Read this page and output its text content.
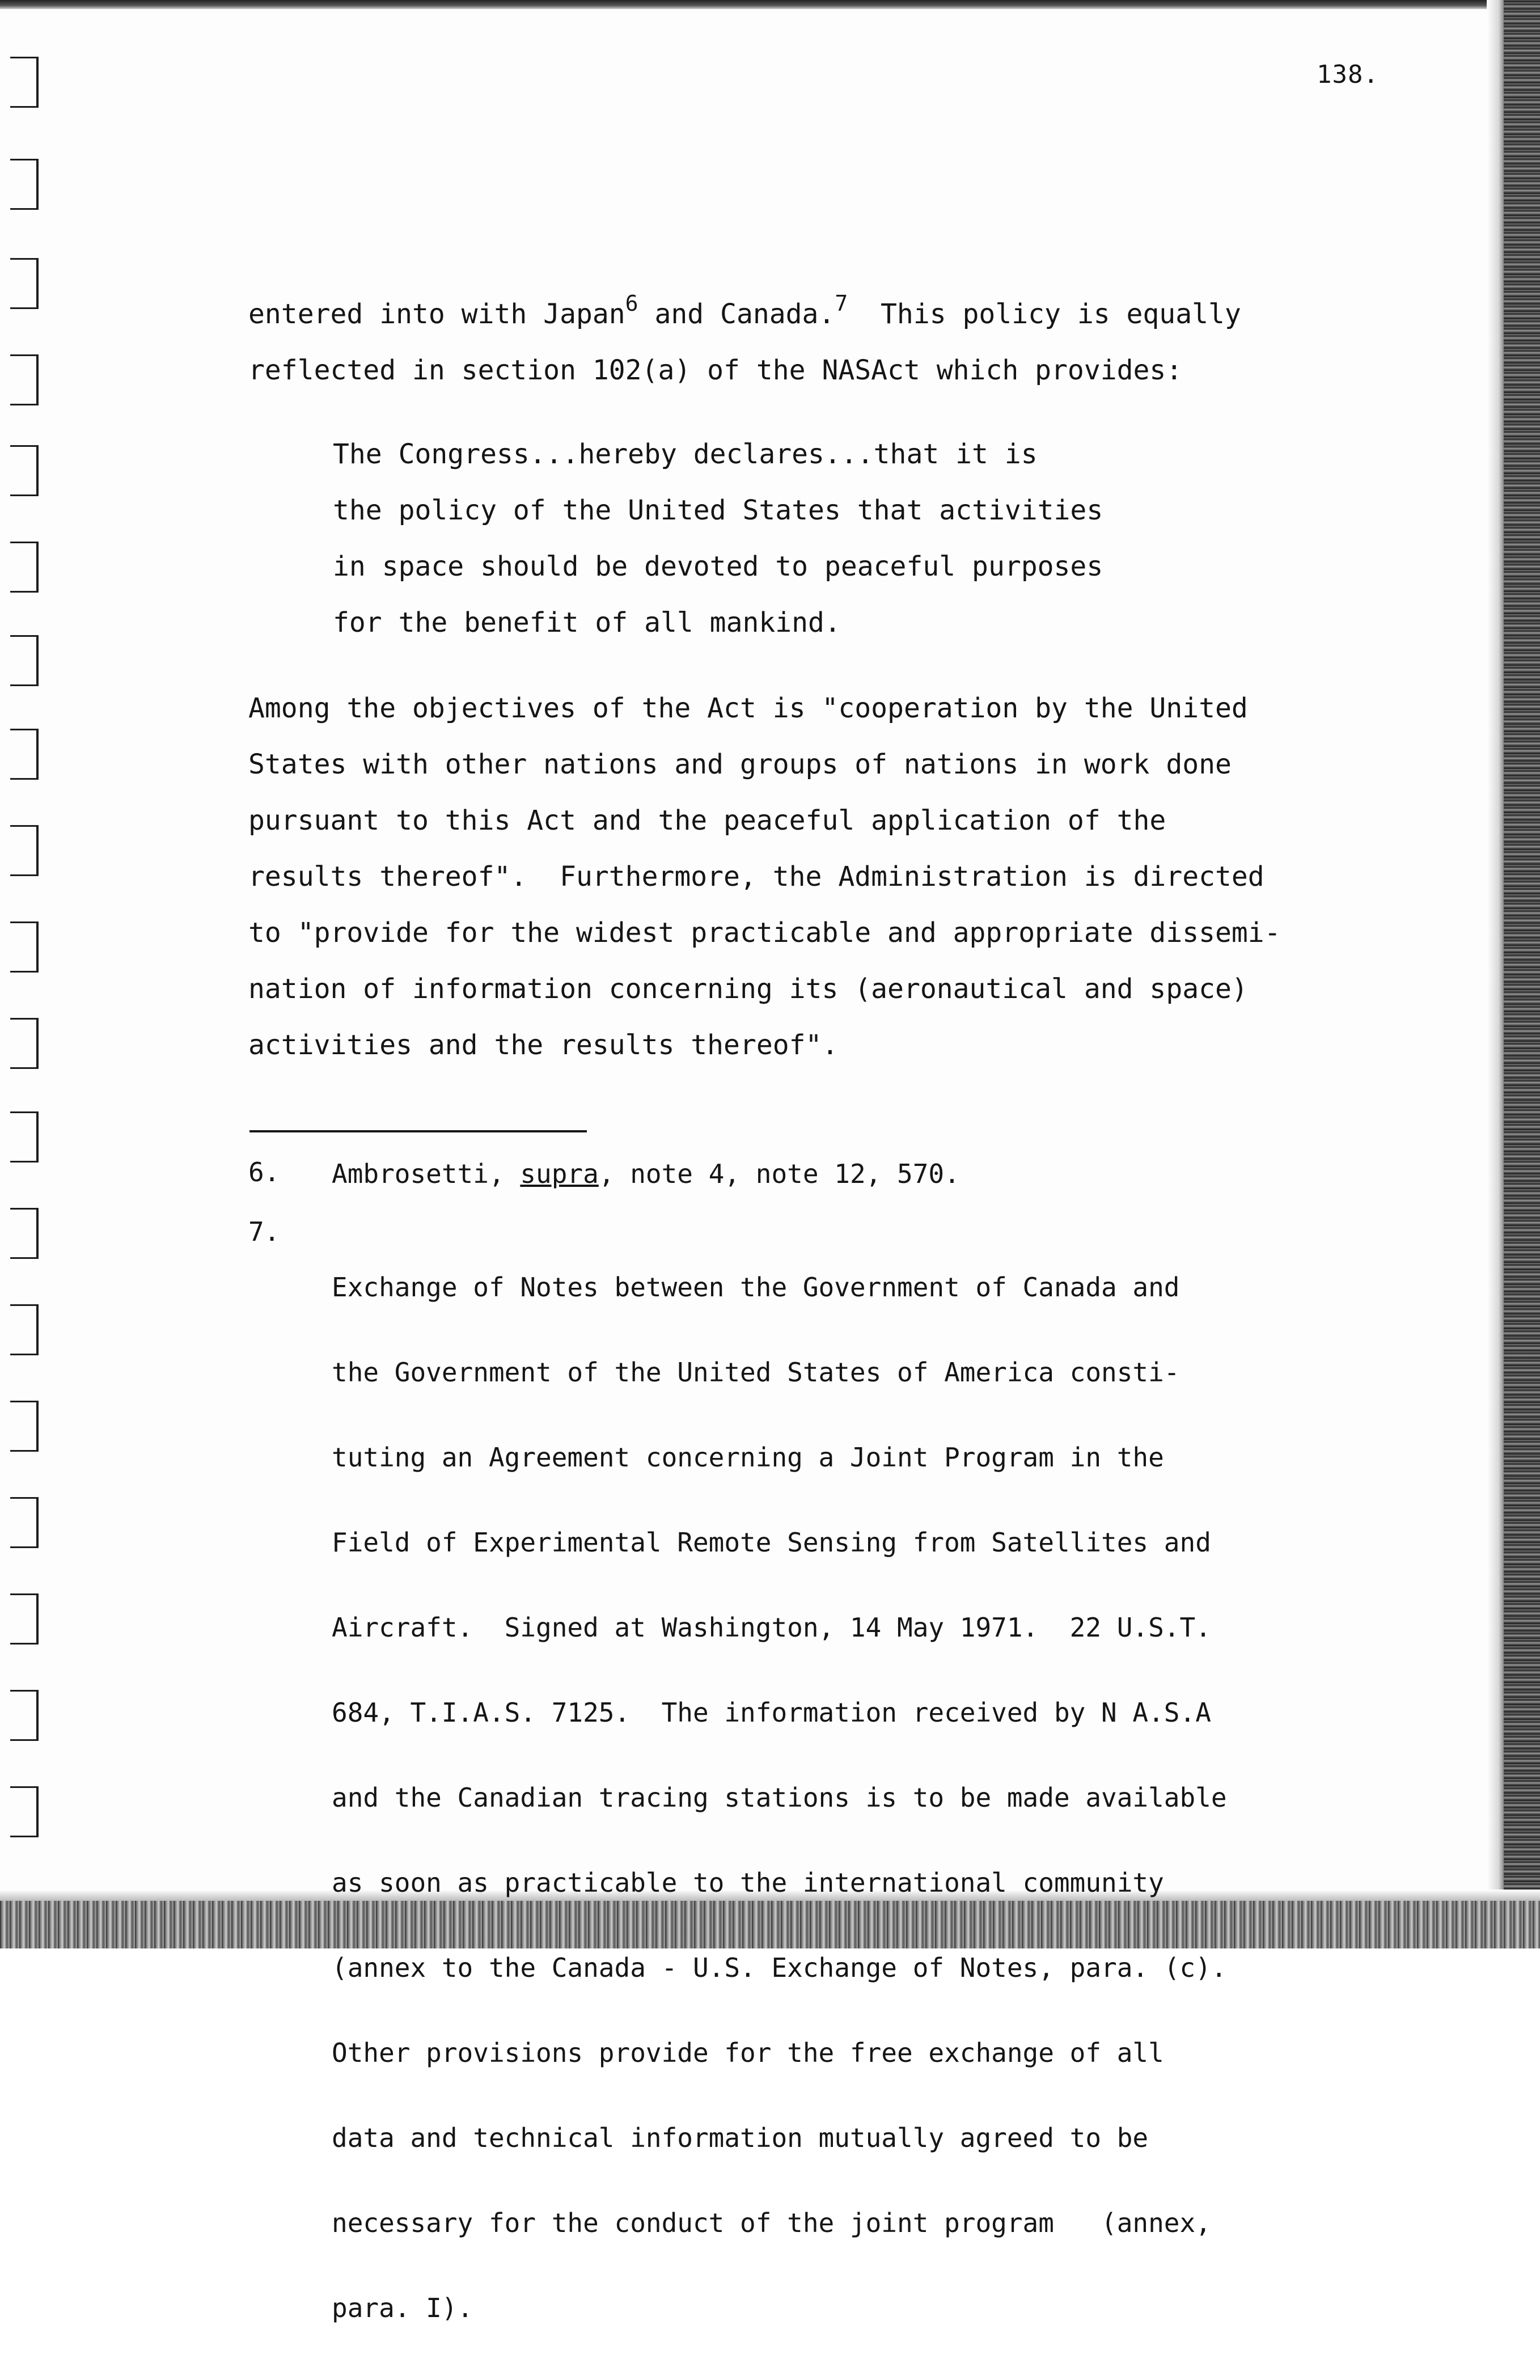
138.
entered into with Japan$^6$ and Canada.$^7$  This policy is equally
reflected in section 102(a) of the NASAct which provides:
The Congress...hereby declares...that it is
the policy of the United States that activities
in space should be devoted to peaceful purposes
for the benefit of all mankind.
Among the objectives of the Act is "cooperation by the United
States with other nations and groups of nations in work done
pursuant to this Act and the peaceful application of the
results thereof".  Furthermore, the Administration is directed
to "provide for the widest practicable and appropriate dissemi-
nation of information concerning its (aeronautical and space)
activities and the results thereof".
6. Ambrosetti, supra, note 4, note 12, 570.
7.

Exchange of Notes between the Government of Canada and

the Government of the United States of America consti-

tuting an Agreement concerning a Joint Program in the

Field of Experimental Remote Sensing from Satellites and

Aircraft.  Signed at Washington, 14 May 1971.  22 U.S.T.

684, T.I.A.S. 7125.  The information received by N A.S.A

and the Canadian tracing stations is to be made available

as soon as practicable to the international community

(annex to the Canada - U.S. Exchange of Notes, para. (c).

Other provisions provide for the free exchange of all

data and technical information mutually agreed to be

necessary for the conduct of the joint program   (annex,

para. I).
